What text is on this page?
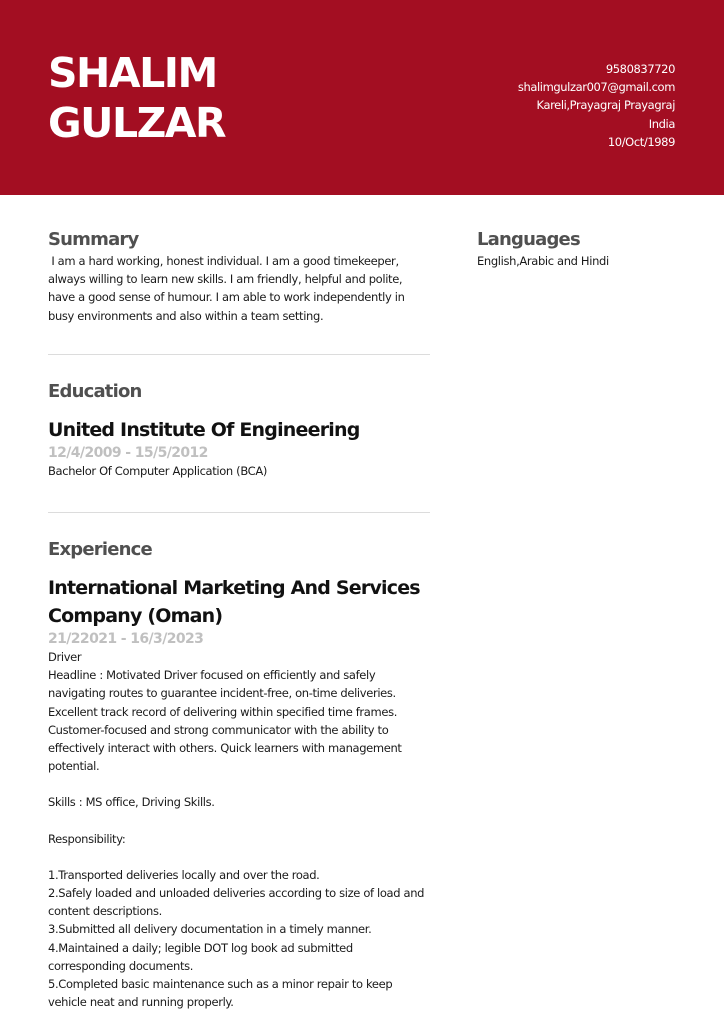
SHALIM
GULZAR
9580837720
shalimgulzar007@gmail.com
Kareli,Prayagraj Prayagraj
India
10/Oct/1989
Summary
I am a hard working, honest individual. I am a good timekeeper, always willing to learn new skills. I am friendly, helpful and polite, have a good sense of humour. I am able to work independently in busy environments and also within a team setting.
Education
United Institute Of Engineering
12/4/2009 - 15/5/2012
Bachelor Of Computer Application (BCA)
Experience
International Marketing And Services Company (Oman)
21/22021 - 16/3/2023
Driver
Headline : Motivated Driver focused on efficiently and safely navigating routes to guarantee incident-free, on-time deliveries. Excellent track record of delivering within specified time frames. Customer-focused and strong communicator with the ability to effectively interact with others. Quick learners with management potential.
Skills : MS office, Driving Skills.
Responsibility:
1.Transported deliveries locally and over the road.
2.Safely loaded and unloaded deliveries according to size of load and content descriptions.
3.Submitted all delivery documentation in a timely manner.
4.Maintained a daily; legible DOT log book ad submitted corresponding documents.
5.Completed basic maintenance such as a minor repair to keep vehicle neat and running properly.
Languages
English,Arabic and Hindi
